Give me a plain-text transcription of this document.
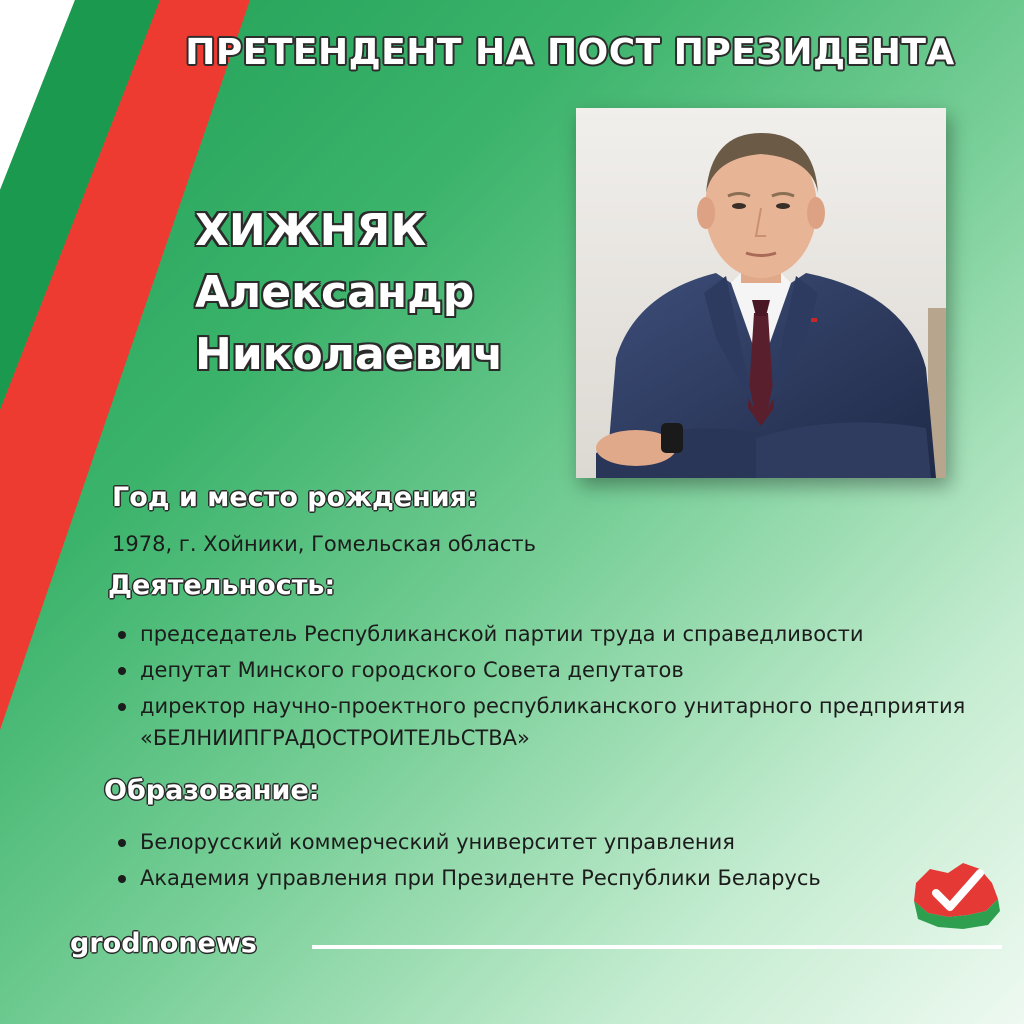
ПРЕТЕНДЕНТ НА ПОСТ ПРЕЗИДЕНТА
ХИЖНЯК
Александр
Николаевич
Год и место рождения:

1978, г. Хойники, Гомельская область

Деятельность:
председатель Республиканской партии труда и справедливости
депутат Минского городского Совета депутатов
директор научно-проектного республиканского унитарного предприятия «БЕЛНИИПГРАДОСТРОИТЕЛЬСТВА»
Образование:
Белорусский коммерческий университет управления
Академия управления при Президенте Республики Беларусь

grodnonews
